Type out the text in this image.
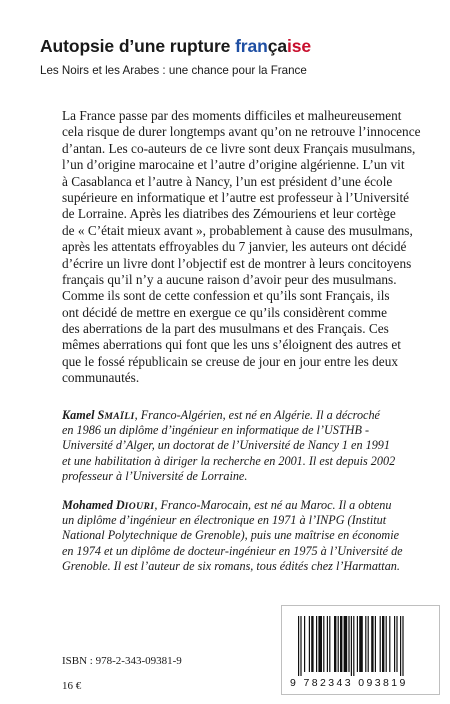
Autopsie d’une rupture française
Les Noirs et les Arabes : une chance pour la France
La France passe par des moments difficiles et malheureusement
cela risque de durer longtemps avant qu’on ne retrouve l’innocence
d’antan. Les co-auteurs de ce livre sont deux Français musulmans,
l’un d’origine marocaine et l’autre d’origine algérienne. L’un vit
à Casablanca et l’autre à Nancy, l’un est président d’une école
supérieure en informatique et l’autre est professeur à l’Université
de Lorraine. Après les diatribes des Zémouriens et leur cortège
de « C’était mieux avant », probablement à cause des musulmans,
après les attentats effroyables du 7 janvier, les auteurs ont décidé
d’écrire un livre dont l’objectif est de montrer à leurs concitoyens
français qu’il n’y a aucune raison d’avoir peur des musulmans.
Comme ils sont de cette confession et qu’ils sont Français, ils
ont décidé de mettre en exergue ce qu’ils considèrent comme
des aberrations de la part des musulmans et des Français. Ces
mêmes aberrations qui font que les uns s’éloignent des autres et
que le fossé républicain se creuse de jour en jour entre les deux
communautés.
Kamel SMAÏLI, Franco-Algérien, est né en Algérie. Il a décroché
en 1986 un diplôme d’ingénieur en informatique de l’USTHB -
Université d’Alger, un doctorat de l’Université de Nancy 1 en 1991
et une habilitation à diriger la recherche en 2001. Il est depuis 2002
professeur à l’Université de Lorraine.
Mohamed DIOURI, Franco-Marocain, est né au Maroc. Il a obtenu
un diplôme d’ingénieur en électronique en 1971 à l’INPG (Institut
National Polytechnique de Grenoble), puis une maîtrise en économie
en 1974 et un diplôme de docteur-ingénieur en 1975 à l’Université de
Grenoble. Il est l’auteur de six romans, tous édités chez l’Harmattan.
ISBN : 978-2-343-09381-9
16 €	9 782343 093819
